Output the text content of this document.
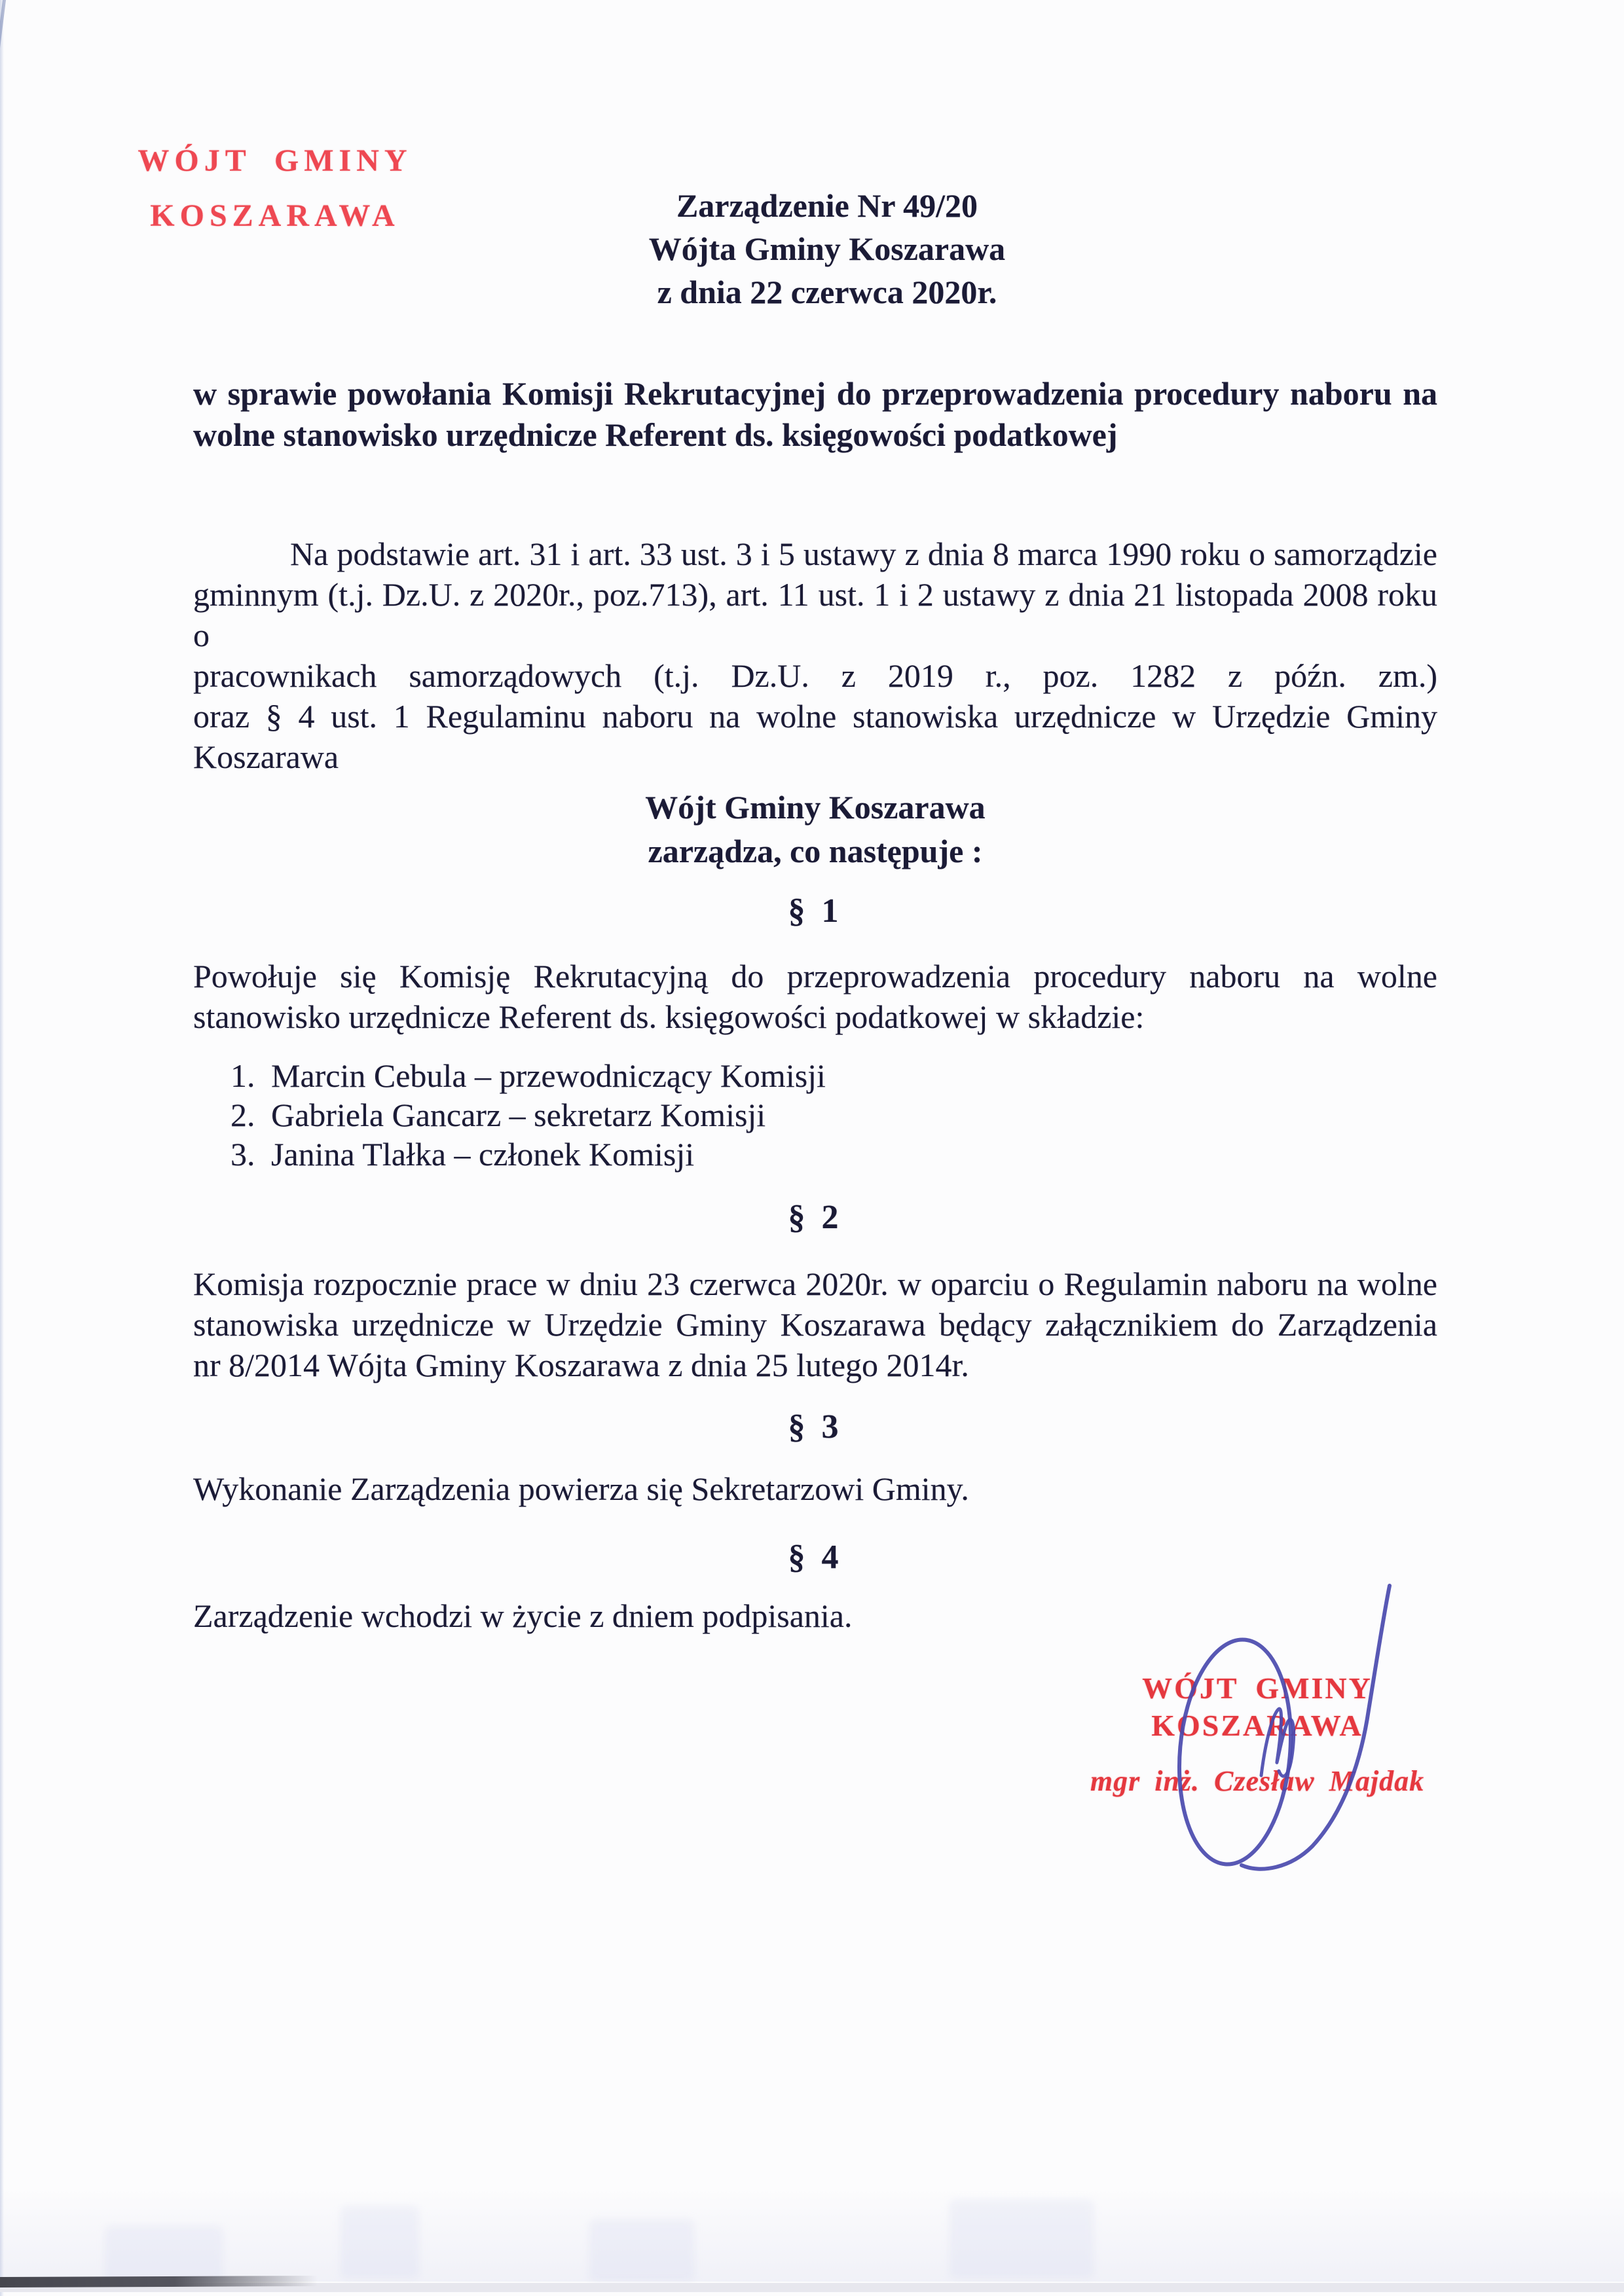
WÓJT GMINY
KOSZARAWA	Zarządzenie Nr 49/20
Wójta Gminy Koszarawa
z dnia 22 czerwca 2020r.
w sprawie powołania Komisji Rekrutacyjnej do przeprowadzenia procedury naboru na
wolne stanowisko urzędnicze Referent ds. księgowości podatkowej
Na podstawie art. 31 i art. 33 ust. 3 i 5 ustawy z dnia 8 marca 1990 roku o samorządzie
gminnym (t.j. Dz.U. z 2020r., poz.713), art. 11 ust. 1 i 2 ustawy z dnia 21 listopada 2008 roku o
pracownikach samorządowych (t.j. Dz.U. z 2019 r., poz. 1282 z późn. zm.)
oraz § 4 ust. 1 Regulaminu naboru na wolne stanowiska urzędnicze w Urzędzie Gminy
Koszarawa
Wójt Gminy Koszarawa
zarządza, co następuje :
§ 1
Powołuje się Komisję Rekrutacyjną do przeprowadzenia procedury naboru na wolne
stanowisko urzędnicze Referent ds. księgowości podatkowej w składzie:
1. Marcin Cebula – przewodniczący Komisji
2. Gabriela Gancarz – sekretarz Komisji
3. Janina Tlałka – członek Komisji
§ 2
Komisja rozpocznie prace w dniu 23 czerwca 2020r. w oparciu o Regulamin naboru na wolne
stanowiska urzędnicze w Urzędzie Gminy Koszarawa będący załącznikiem do Zarządzenia
nr 8/2014 Wójta Gminy Koszarawa z dnia 25 lutego 2014r.
§ 3
Wykonanie Zarządzenia powierza się Sekretarzowi Gminy.
§ 4
Zarządzenie wchodzi w życie z dniem podpisania.
WÓJT GMINY
KOSZARAWA
mgr inż. Czesław Majdak
